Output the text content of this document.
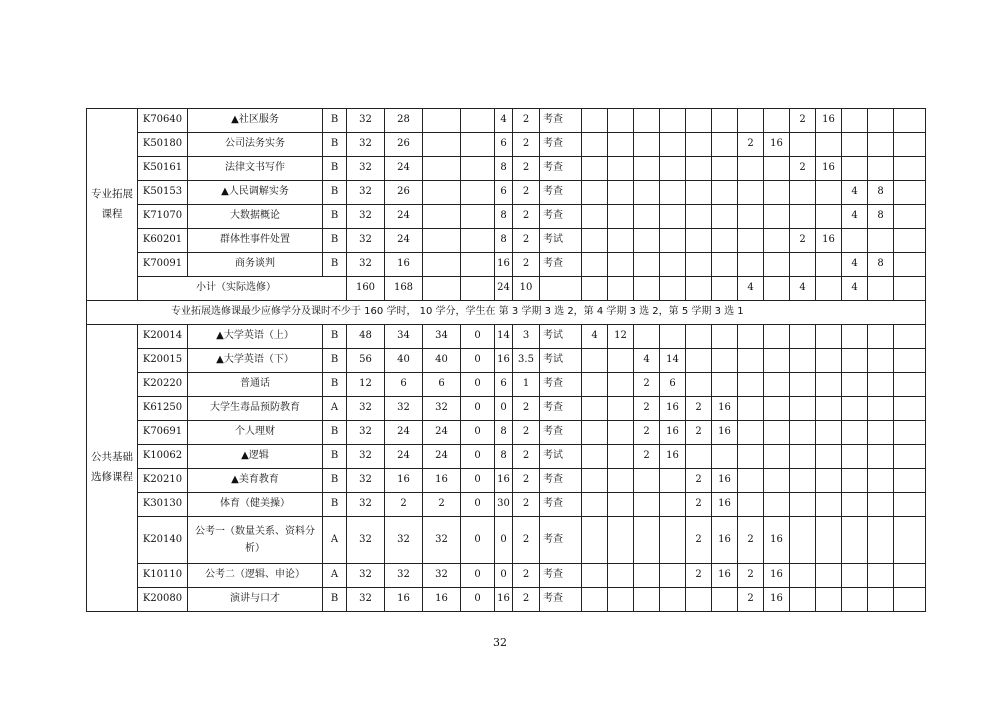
专业拓展课程	K70640	▲社区服务	B	32	28			4	2	考查									2	16			
	K50180	公司法务实务	B	32	26			6	2	考查							2	16					
	K50161	法律文书写作	B	32	24			8	2	考查									2	16			
	K50153	▲人民调解实务	B	32	26			6	2	考查											4	8	
	K71070	大数据概论	B	32	24			8	2	考查											4	8	
	K60201	群体性事件处置	B	32	24			8	2	考试									2	16			
	K70091	商务谈判	B	32	16			16	2	考查											4	8	
	小计（实际选修）			160	168			24	10								4		4		4		
专业拓展选修课最少应修学分及课时不少于 160 学时， 10 学分，学生在 第 3 学期 3 选 2，第 4 学期 3 选 2，第 5 学期 3 选 1																							
公共基础选修课程	K20014	▲大学英语（上）	B	48	34	34	0	14	3	考试	4	12											
	K20015	▲大学英语（下）	B	56	40	40	0	16	3.5	考试			4	14									
	K20220	普通话	B	12	6	6	0	6	1	考查			2	6									
	K61250	大学生毒品预防教育	A	32	32	32	0	0	2	考查			2	16	2	16							
	K70691	个人理财	B	32	24	24	0	8	2	考查			2	16	2	16							
	K10062	▲逻辑	B	32	24	24	0	8	2	考试			2	16									
	K20210	▲美育教育	B	32	16	16	0	16	2	考查					2	16							
	K30130	体育（健美操）	B	32	2	2	0	30	2	考查					2	16							
	K20140	公考一（数量关系、资料分析）	A	32	32	32	0	0	2	考查					2	16	2	16					
	K10110	公考二（逻辑、申论）	A	32	32	32	0	0	2	考查					2	16	2	16					
	K20080	演讲与口才	B	32	16	16	0	16	2	考查							2	16					
32
